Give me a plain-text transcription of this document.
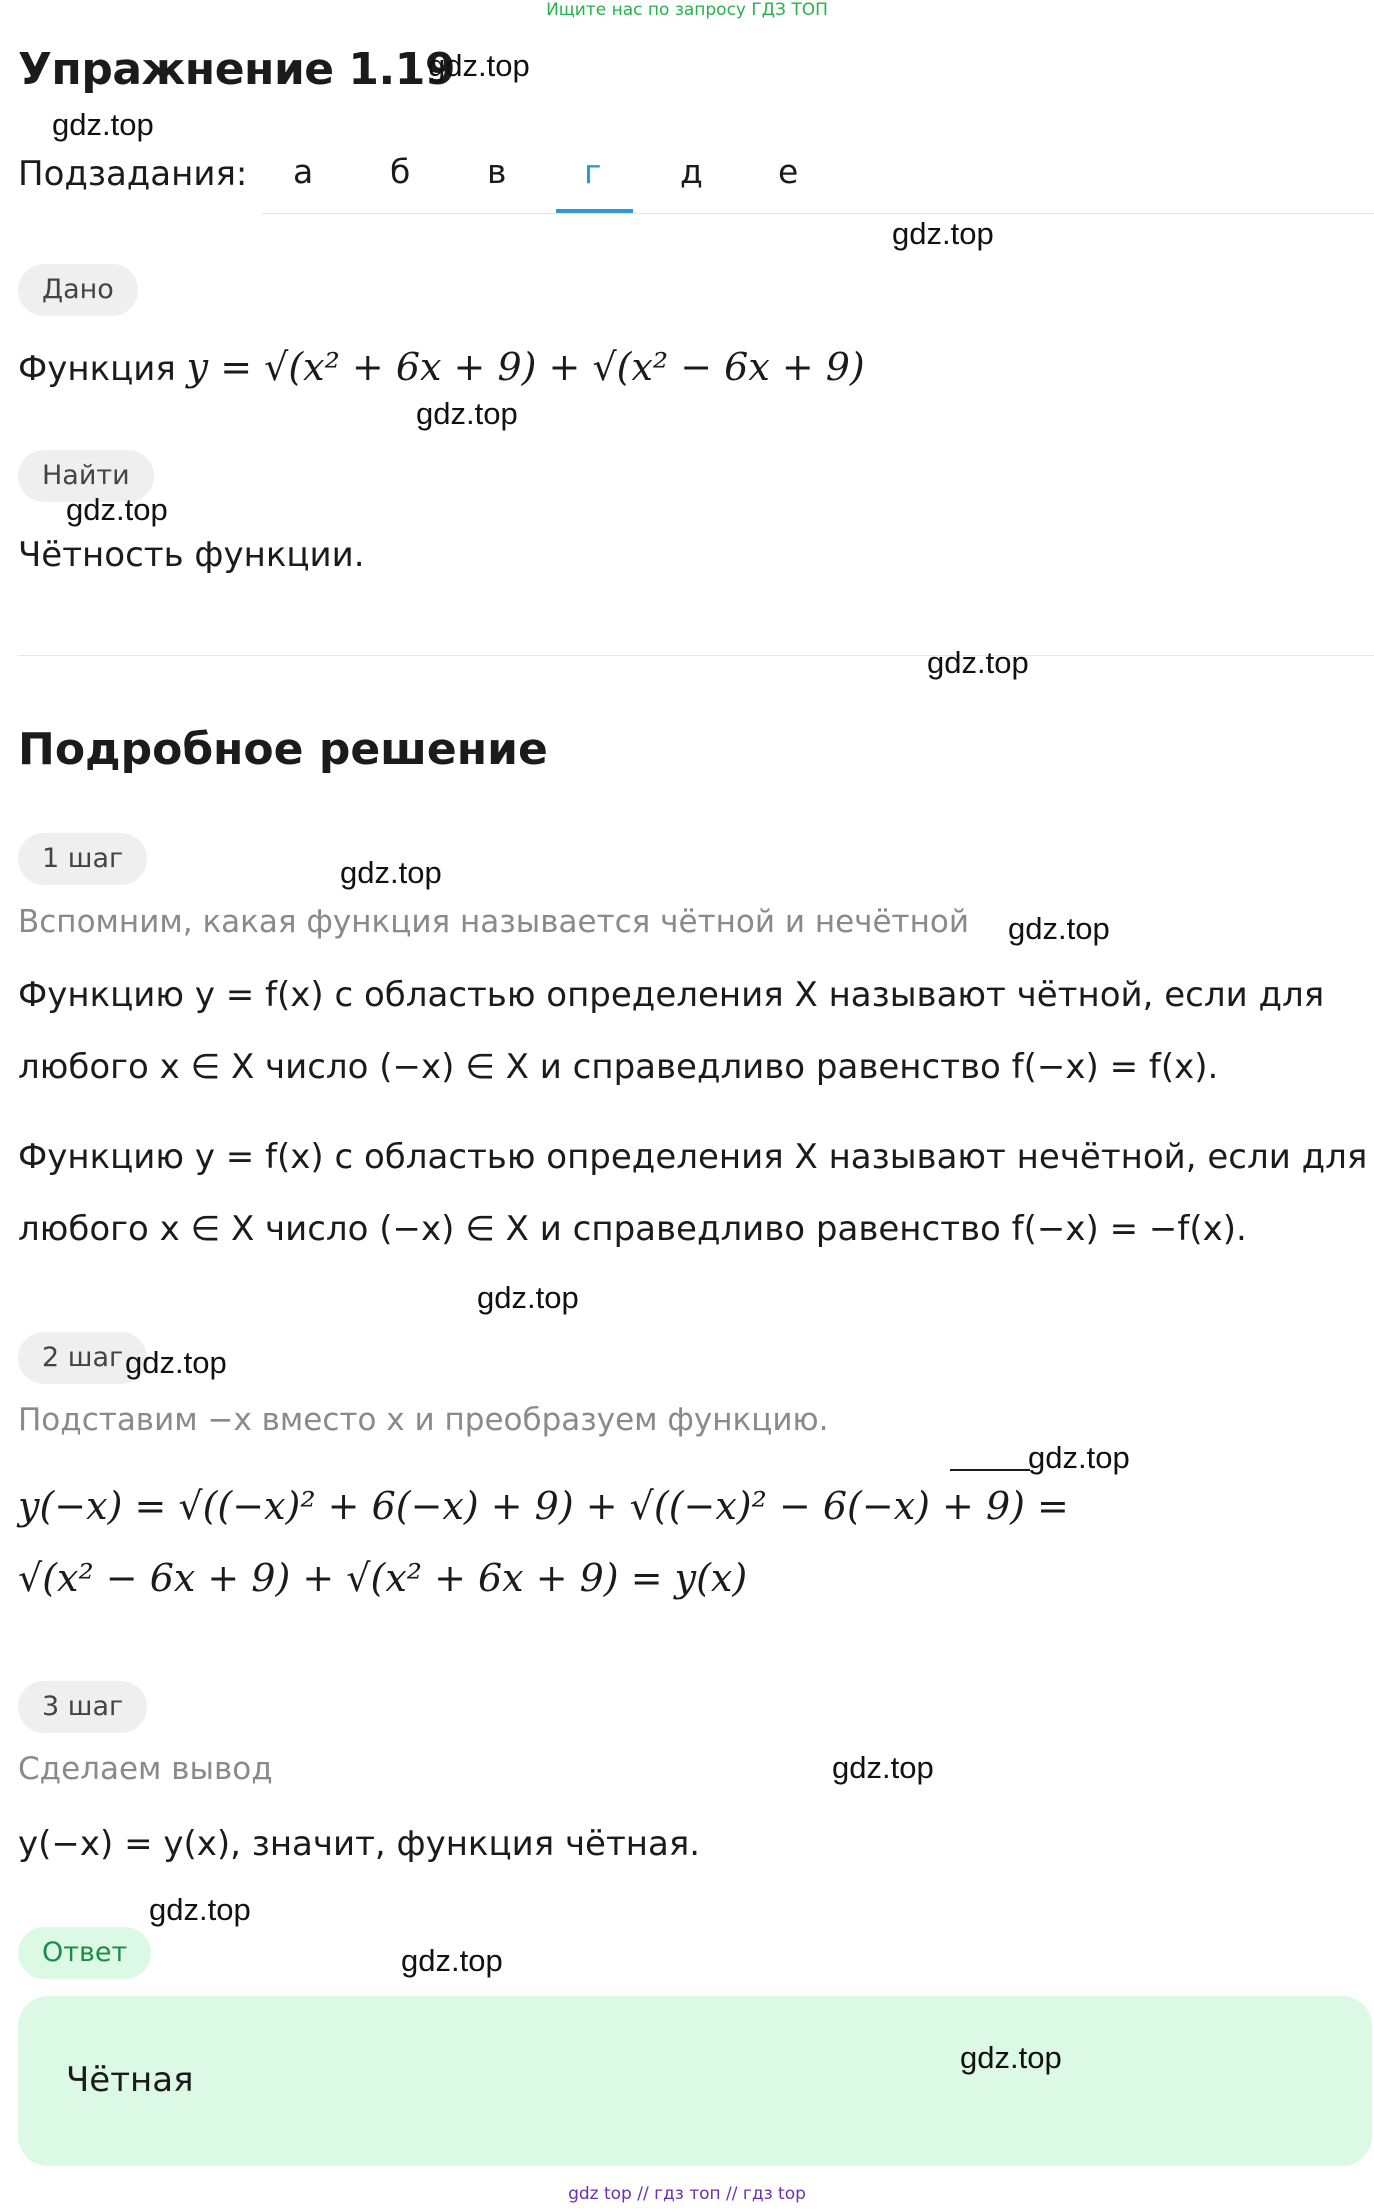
Ищите нас по запросу ГДЗ ТОП
Упражнение 1.19
Подзадания: а б в г д е
Дано
Функция y = √(x² + 6x + 9) + √(x² − 6x + 9)
Найти
Чётность функции.
Подробное решение
1 шаг
Вспомним, какая функция называется чётной и нечётной
Функцию y = f(x) с областью определения X называют чётной, если для
любого x ∈ X число (−x) ∈ X и справедливо равенство f(−x) = f(x).
Функцию y = f(x) с областью определения X называют нечётной, если для
любого x ∈ X число (−x) ∈ X и справедливо равенство f(−x) = −f(x).
2 шаг
Подставим −x вместо x и преобразуем функцию.
y(−x) = √((−x)² + 6(−x) + 9) + √((−x)² − 6(−x) + 9) =
√(x² − 6x + 9) + √(x² + 6x + 9) = y(x)
3 шаг
Сделаем вывод
y(−x) = y(x), значит, функция чётная.
Ответ
Чётная
gdz.top
gdz.top
gdz.top
gdz.top
gdz.top
gdz.top
gdz.top
gdz.top
gdz.top
gdz.top
gdz.top
gdz.top
gdz.top
gdz.top
gdz.top
gdz top // гдз топ // гдз top
